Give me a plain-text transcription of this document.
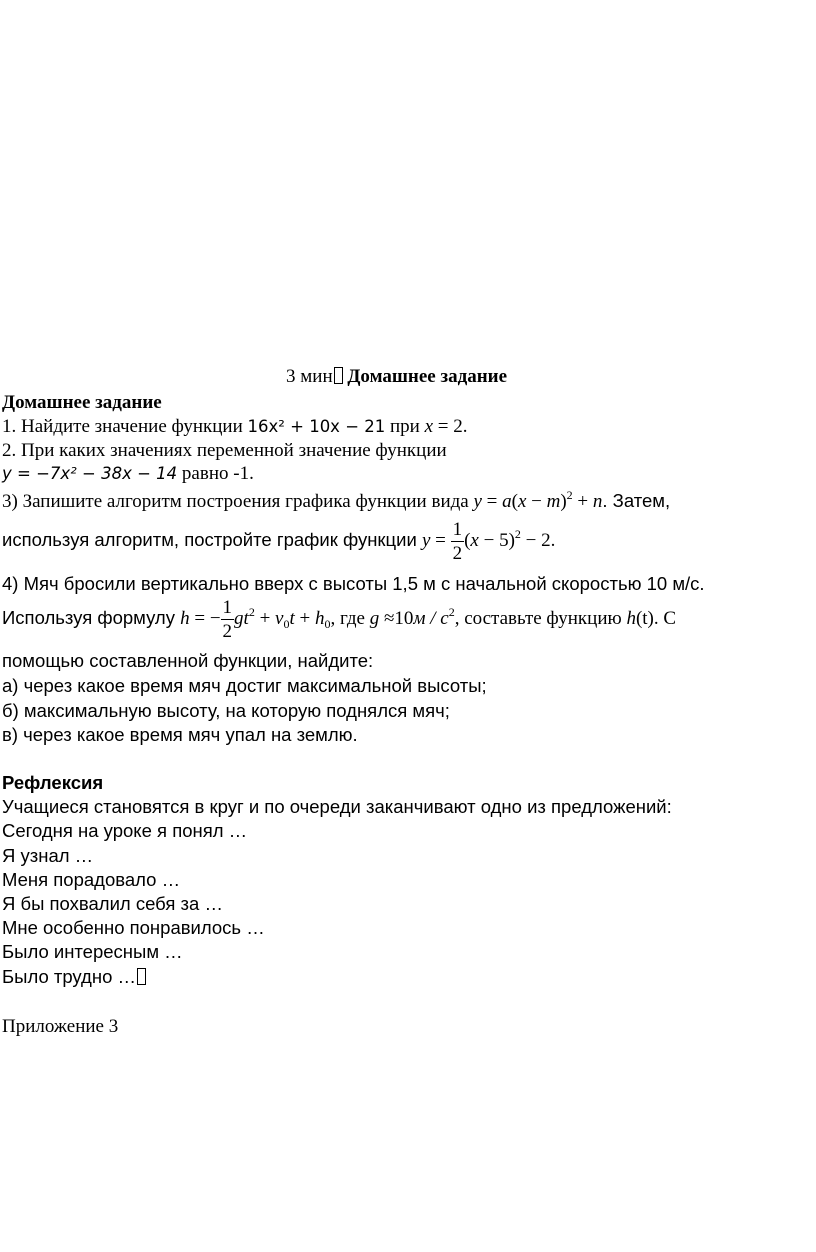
3 мин Домашнее задание
Домашнее задание
1. Найдите значение функции 16x² + 10x − 21 при x = 2.
2. При каких значениях переменной значение функции
y = −7x² − 38x − 14 равно -1.
3) Запишите алгоритм построения графика функции вида $y = a(x - m)^2 + n$. Затем,
используя алгоритм, постройте график функции $y = \frac{1}{2} (x - 5)^2 - 2$.
4) Мяч бросили вертикально вверх с высоты 1,5 м с начальной скоростью 10 м/с.
Используя формулу h = − $\frac{1}{2} gt^2 + v_0t + h_0$, где $g \approx 10м / c^2$, составьте функцию h(t). С
помощью составленной функции, найдите:
а) через какое время мяч достиг максимальной высоты;
б) максимальную высоту, на которую поднялся мяч;
в) через какое время мяч упал на землю.
Рефлексия
Учащиеся становятся в круг и по очереди заканчивают одно из предложений:
Сегодня на уроке я понял …
Я узнал …
Меня порадовало …
Я бы похвалил себя за …
Мне особенно понравилось …
Было интересным …
Было трудно …
Приложение 3
